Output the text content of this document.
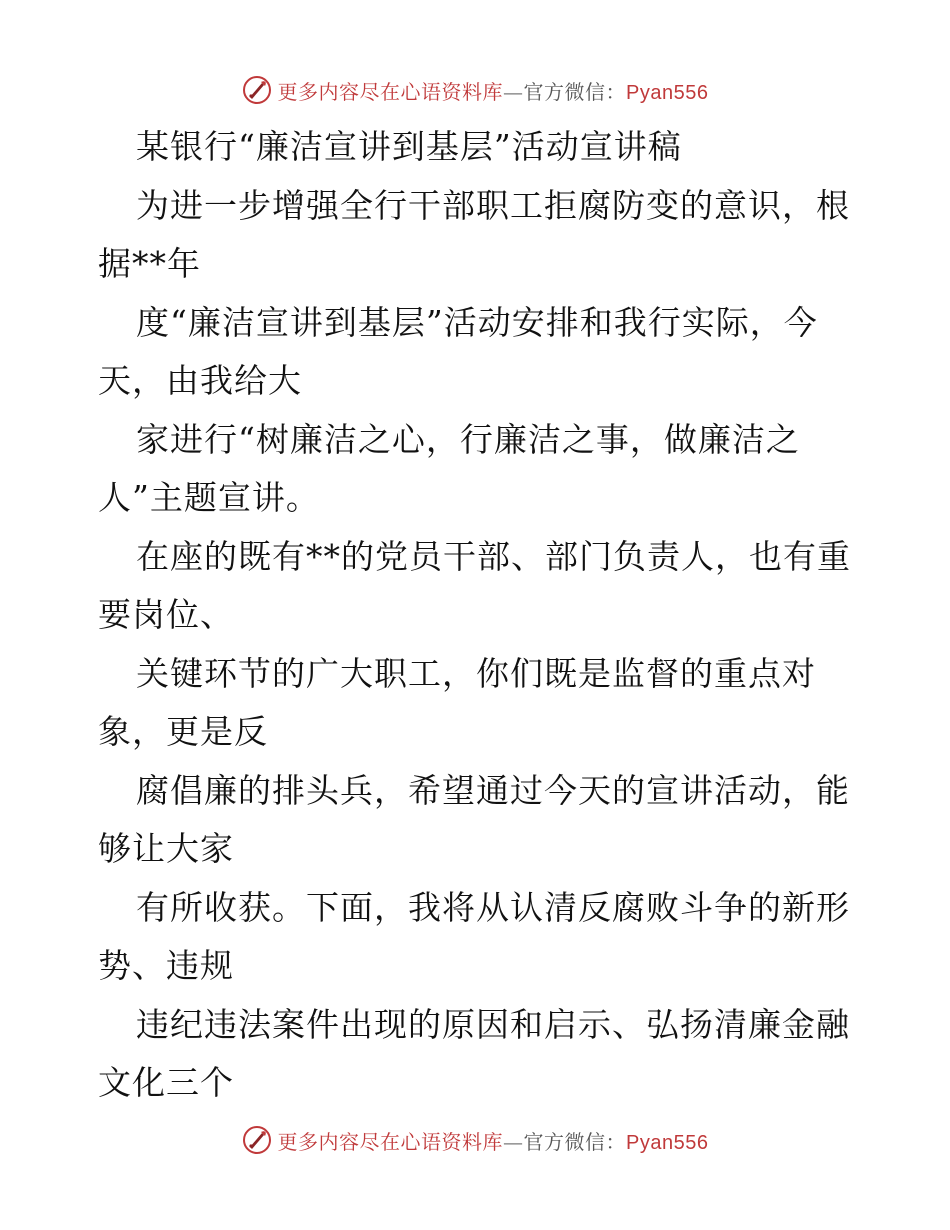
更多内容尽在心语资料库—官方微信：Pyan556
某银行“廉洁宣讲到基层”活动宣讲稿
为进一步增强全行干部职工拒腐防变的意识，根
据**年
度“廉洁宣讲到基层”活动安排和我行实际，今
天，由我给大
家进行“树廉洁之心，行廉洁之事，做廉洁之
人”主题宣讲。
在座的既有**的党员干部、部门负责人，也有重
要岗位、
关键环节的广大职工，你们既是监督的重点对
象，更是反
腐倡廉的排头兵，希望通过今天的宣讲活动，能
够让大家
有所收获。下面，我将从认清反腐败斗争的新形
势、违规
违纪违法案件出现的原因和启示、弘扬清廉金融
文化三个
更多内容尽在心语资料库—官方微信：Pyan556
